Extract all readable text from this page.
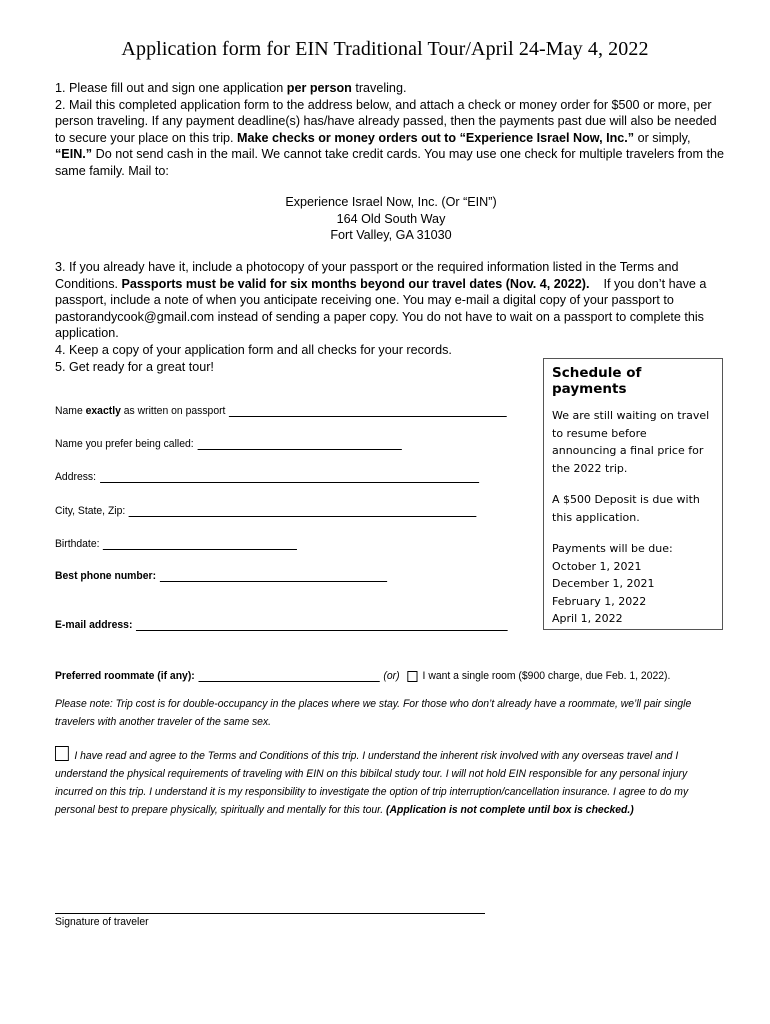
Application form for EIN Traditional Tour/April 24-May 4, 2022

1. Please fill out and sign one application per person traveling.

2. Mail this completed application form to the address below, and attach a check or money order for $500 or more, per person traveling. If any payment deadline(s) has/have already passed, then the payments past due will also be needed to secure your place on this trip. Make checks or money orders out to “Experience Israel Now, Inc.” or simply, “EIN.” Do not send cash in the mail. We cannot take credit cards. You may use one check for multiple travelers from the same family. Mail to:

Experience Israel Now, Inc. (Or “EIN”)
164 Old South Way
Fort Valley, GA 31030

3. If you already have it, include a photocopy of your passport or the required information listed in the Terms and Conditions. Passports must be valid for six months beyond our travel dates (Nov. 4, 2022).    If you don’t have a passport, include a note of when you anticipate receiving one. You may e-mail a digital copy of your passport to pastorandycook@gmail.com instead of sending a paper copy. You do not have to wait on a passport to complete this application.

4. Keep a copy of your application form and all checks for your records.

5. Get ready for a great tour!	Schedule of payments
We are still waiting on travel to resume before announcing a final price for the 2022 trip.
A $500 Deposit is due with this application.
Payments will be due:
October 1, 2021
December 1, 2021
February 1, 2022
April 1, 2022
Name exactly as written on passport
Name you prefer being called:
Address:
City, State, Zip:
Birthdate:
Best phone number:
E-mail address:
Preferred roommate (if any):	(or) I want a single room ($900 charge, due Feb. 1, 2022).
Please note: Trip cost is for double-occupancy in the places where we stay. For those who don’t already have a roommate, we’ll pair single travelers with another traveler of the same sex.
I have read and agree to the Terms and Conditions of this trip. I understand the inherent risk involved with any overseas travel and I understand the physical requirements of traveling with EIN on this bibilcal study tour. I will not hold EIN responsible for any personal injury incurred on this trip. I understand it is my responsibility to investigate the option of trip interruption/cancellation insurance. I agree to do my personal best to prepare physically, spiritually and mentally for this tour. (Application is not complete until box is checked.)
Signature of traveler
